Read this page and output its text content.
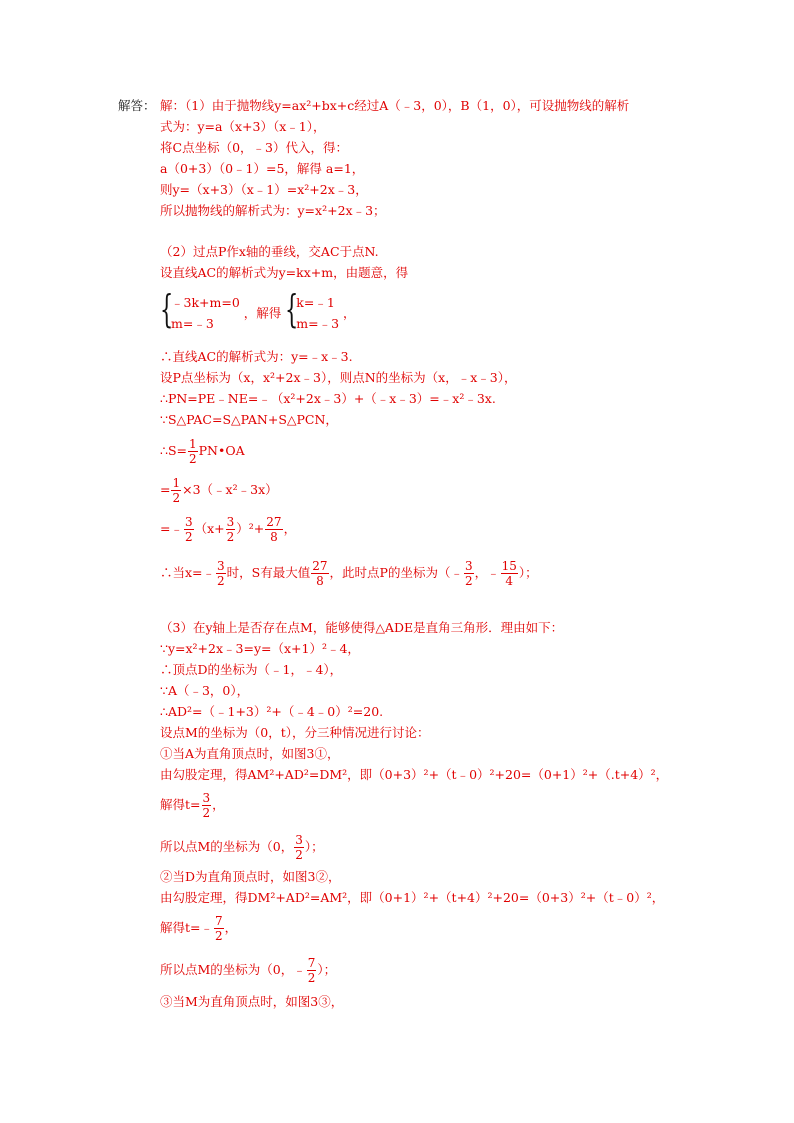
解答： 解：（1）由于抛物线y=ax²+bx+c经过A（﹣3，0），B（1，0），可设抛物线的解析
式为：y=a（x+3）（x﹣1），
将C点坐标（0，﹣3）代入，得：
a（0+3）（0﹣1）=5，解得 a=1，
则y=（x+3）（x﹣1）=x²+2x﹣3，
所以抛物线的解析式为：y=x²+2x﹣3；
（2）过点P作x轴的垂线，交AC于点N.
设直线AC的解析式为y=kx+m，由题意，得
{
﹣3k+m=0
m=﹣3
，解得 {
k=﹣1
m=﹣3
，
∴直线AC的解析式为：y=﹣x﹣3.
设P点坐标为（x，x²+2x﹣3），则点N的坐标为（x，﹣x﹣3），
∴PN=PE﹣NE=﹣（x²+2x﹣3）+（﹣x﹣3）=﹣x²﹣3x.
∵S△PAC=S△PAN+S△PCN，
∴S= $\frac{1}{2}$ PN•OA
= $\frac{1}{2}$ ×3（﹣x²﹣3x）
=﹣ $\frac{3}{2} (x+ \frac{3}{2} )^2+ \frac{27}{8}$ ，
∴当x=﹣ $\frac{3}{2}$ 时，S有最大值 $\frac{27}{8}$ ，此时点P的坐标为（﹣ $\frac{3}{2}$ ，﹣ $\frac{15}{4}$ ）；
（3）在y轴上是否存在点M，能够使得△ADE是直角三角形．理由如下：
∵y=x²+2x﹣3=y=（x+1）²﹣4，
∴顶点D的坐标为（﹣1，﹣4），
∵A（﹣3，0），
∴AD²=（﹣1+3）²+（﹣4﹣0）²=20.
设点M的坐标为（0，t），分三种情况进行讨论：
①当A为直角顶点时，如图3①，
由勾股定理，得AM²+AD²=DM²，即（0+3）²+（t﹣0）²+20=（0+1）²+（.t+4）²，
解得$t= \frac{3}{2}$ ，
所以点M的坐标为（0， $\frac{3}{2}$ ）；
②当D为直角顶点时，如图3②，
由勾股定理，得DM²+AD²=AM²，即（0+1）²+（t+4）²+20=（0+3）²+（t﹣0）²，
解得t=﹣ $\frac{7}{2}$ ，
所以点M的坐标为（0，﹣ $\frac{7}{2}$ ）；
③当M为直角顶点时，如图3③，
